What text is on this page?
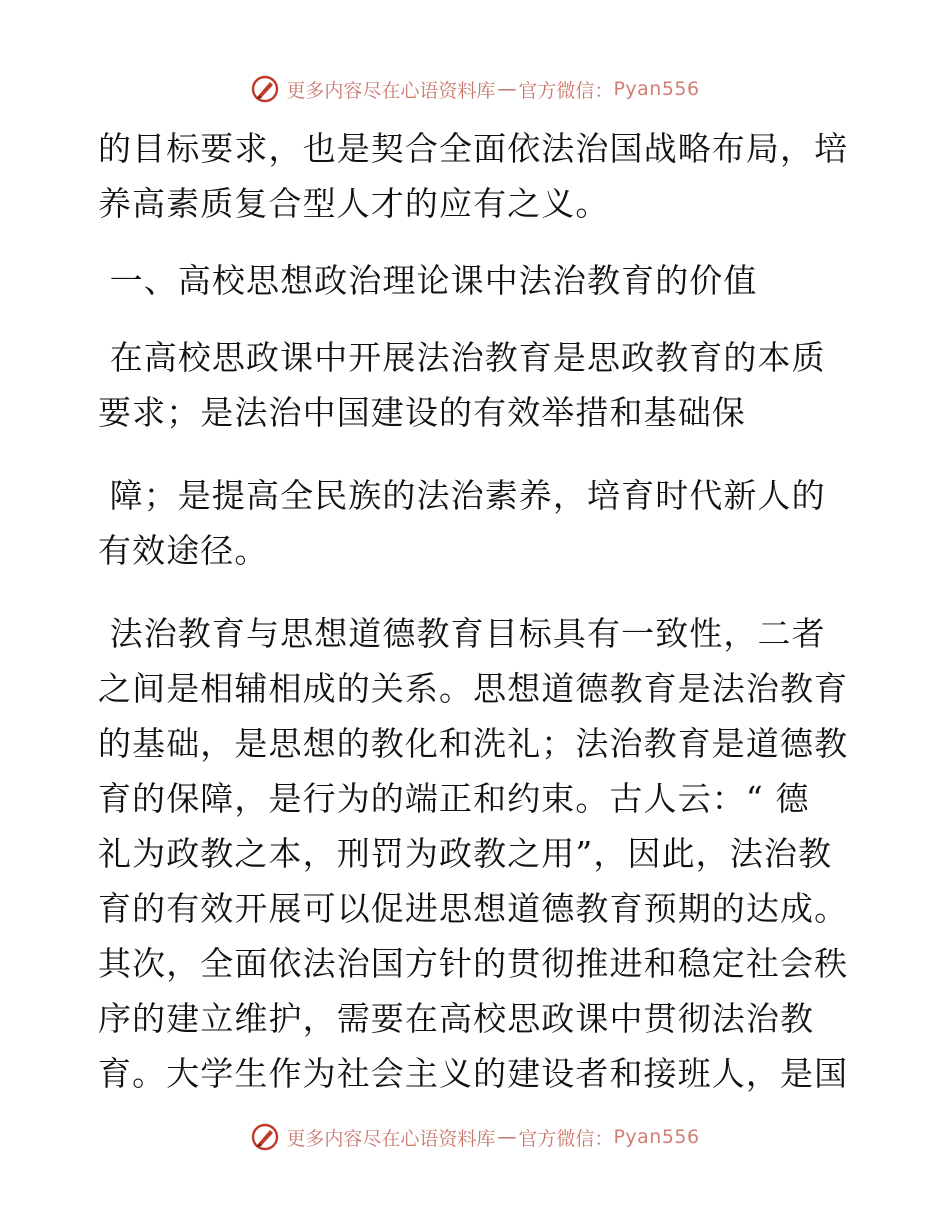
更多内容尽在心语资料库 — 官方微信： Pyan556
的目标要求，也是契合全面依法治国战略布局，培
养高素质复合型人才的应有之义。
一、高校思想政治理论课中法治教育的价值
在高校思政课中开展法治教育是思政教育的本质
要求；是法治中国建设的有效举措和基础保
障；是提高全民族的法治素养，培育时代新人的
有效途径。
法治教育与思想道德教育目标具有一致性，二者
之间是相辅相成的关系。思想道德教育是法治教育
的基础，是思想的教化和洗礼；法治教育是道德教
育的保障，是行为的端正和约束。古人云：“ 德
礼为政教之本，刑罚为政教之用”，因此，法治教
育的有效开展可以促进思想道德教育预期的达成。
其次，全面依法治国方针的贯彻推进和稳定社会秩
序的建立维护，需要在高校思政课中贯彻法治教
育。大学生作为社会主义的建设者和接班人，是国
更多内容尽在心语资料库 — 官方微信： Pyan556
